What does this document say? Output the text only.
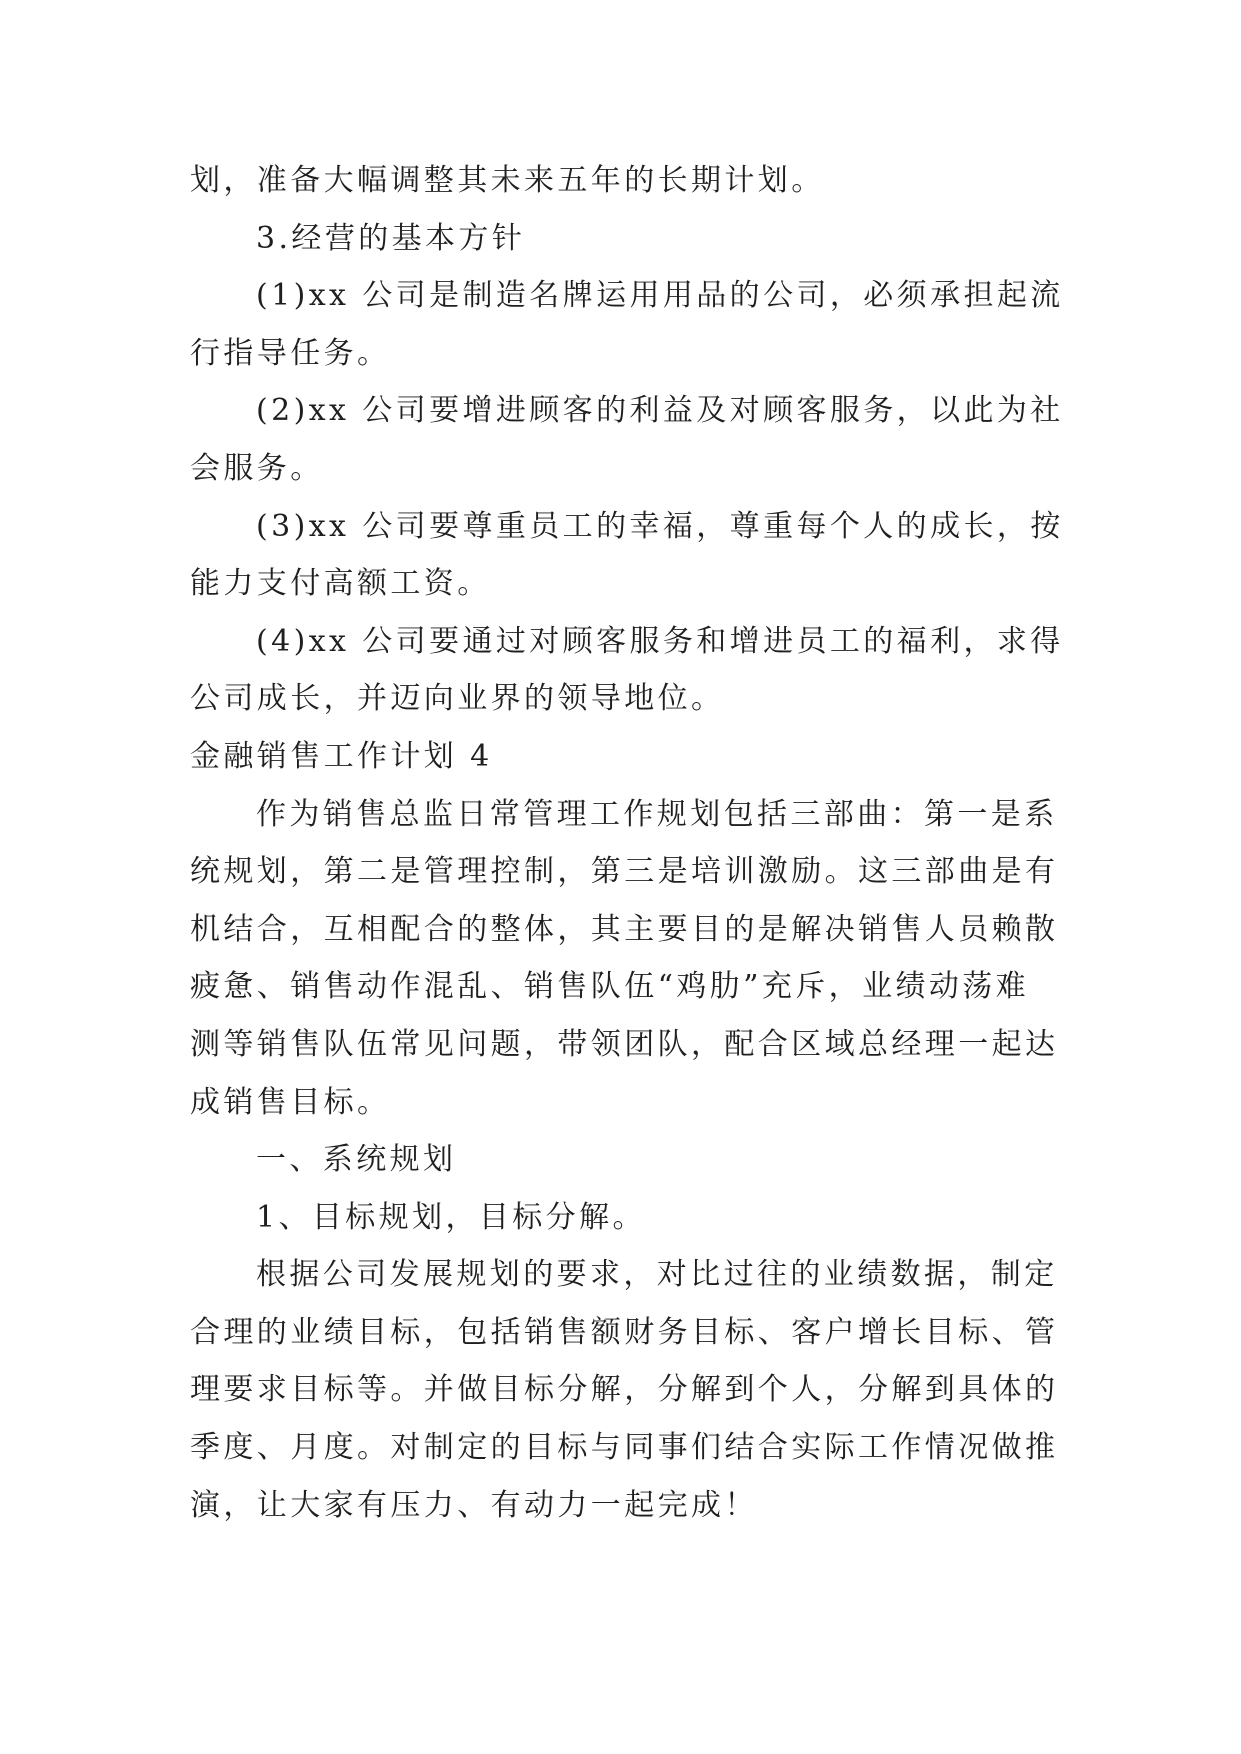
划，准备大幅调整其未来五年的长期计划。
3.经营的基本方针
(1)xx 公司是制造名牌运用用品的公司，必须承担起流
行指导任务。
(2)xx 公司要增进顾客的利益及对顾客服务，以此为社
会服务。
(3)xx 公司要尊重员工的幸福，尊重每个人的成长，按
能力支付高额工资。
(4)xx 公司要通过对顾客服务和增进员工的福利，求得
公司成长，并迈向业界的领导地位。
金融销售工作计划 4
作为销售总监日常管理工作规划包括三部曲：第一是系
统规划，第二是管理控制，第三是培训激励。这三部曲是有
机结合，互相配合的整体，其主要目的是解决销售人员赖散
疲惫、销售动作混乱、销售队伍“鸡肋”充斥，业绩动荡难
测等销售队伍常见问题，带领团队，配合区域总经理一起达
成销售目标。
一、系统规划
1、目标规划，目标分解。
根据公司发展规划的要求，对比过往的业绩数据，制定
合理的业绩目标，包括销售额财务目标、客户增长目标、管
理要求目标等。并做目标分解，分解到个人，分解到具体的
季度、月度。对制定的目标与同事们结合实际工作情况做推
演，让大家有压力、有动力一起完成！
